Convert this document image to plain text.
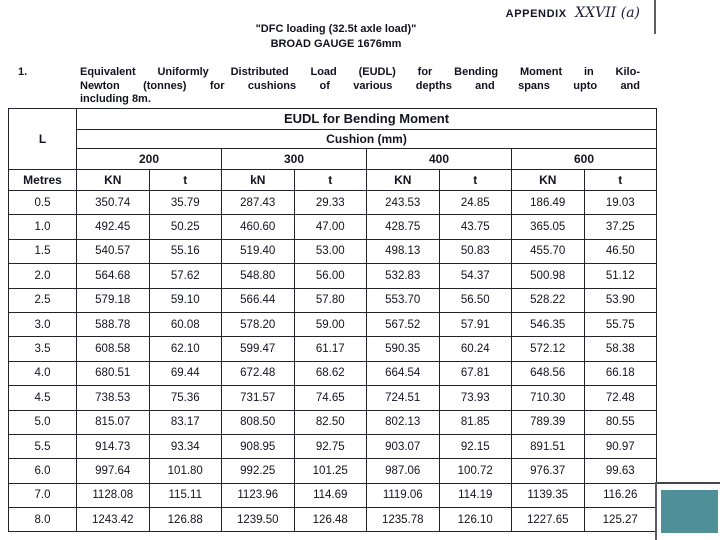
APPENDIX XXVII (a)
"DFC loading (32.5t axle load)"
BROAD GAUGE 1676mm
1.	Equivalent Uniformly Distributed Load (EUDL) for Bending Moment in Kilo-
Newton (tonnes) for cushions of various depths and spans upto and
including 8m.
L	EUDL for Bending Moment							
	Cushion (mm)							
	200		300		400		600	
Metres	KN	t	kN	t	KN	t	KN	t
0.5	350.74	35.79	287.43	29.33	243.53	24.85	186.49	19.03
1.0	492.45	50.25	460.60	47.00	428.75	43.75	365.05	37.25
1.5	540.57	55.16	519.40	53.00	498.13	50.83	455.70	46.50
2.0	564.68	57.62	548.80	56.00	532.83	54.37	500.98	51.12
2.5	579.18	59.10	566.44	57.80	553.70	56.50	528.22	53.90
3.0	588.78	60.08	578.20	59.00	567.52	57.91	546.35	55.75
3.5	608.58	62.10	599.47	61.17	590.35	60.24	572.12	58.38
4.0	680.51	69.44	672.48	68.62	664.54	67.81	648.56	66.18
4.5	738.53	75.36	731.57	74.65	724.51	73.93	710.30	72.48
5.0	815.07	83.17	808.50	82.50	802.13	81.85	789.39	80.55
5.5	914.73	93.34	908.95	92.75	903.07	92.15	891.51	90.97
6.0	997.64	101.80	992.25	101.25	987.06	100.72	976.37	99.63
7.0	1128.08	115.11	1123.96	114.69	1119.06	114.19	1139.35	116.26
8.0	1243.42	126.88	1239.50	126.48	1235.78	126.10	1227.65	125.27
